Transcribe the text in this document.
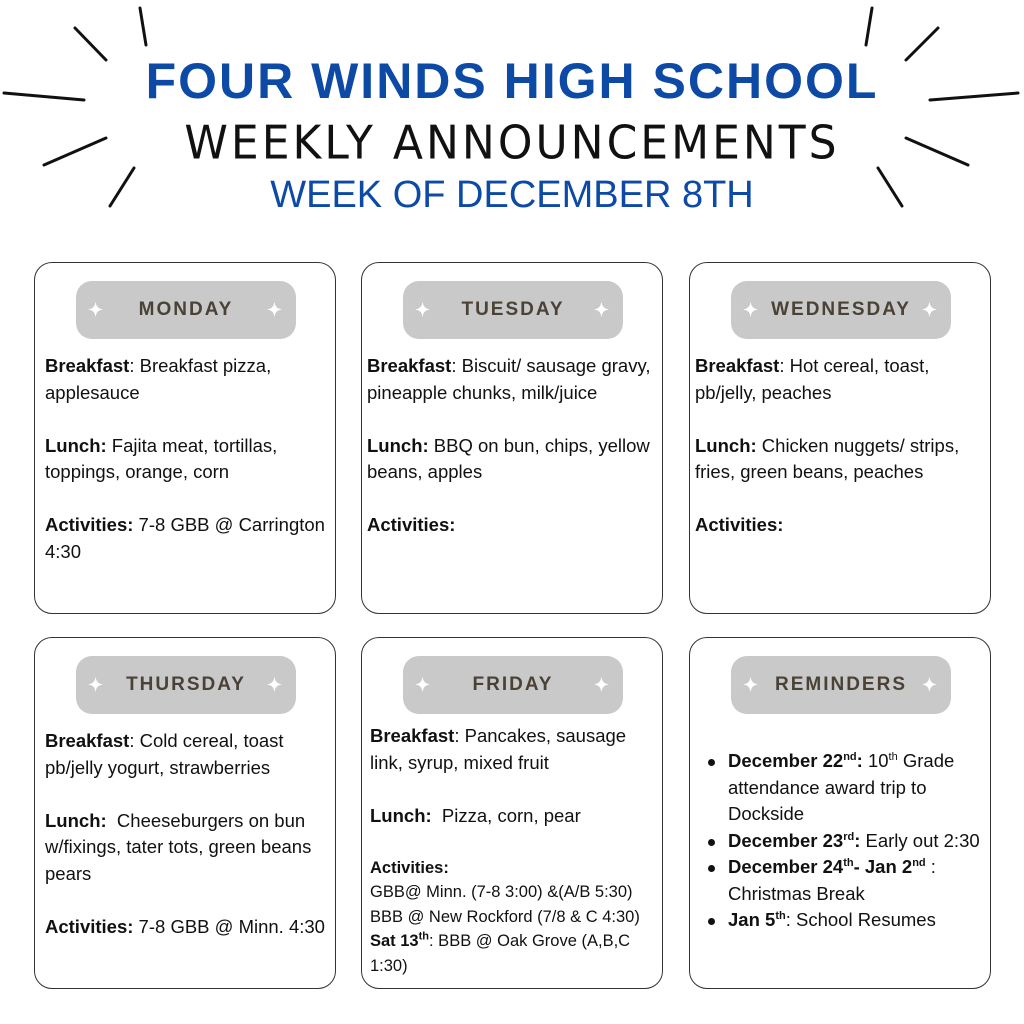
FOUR WINDS HIGH SCHOOL
WEEKLY ANNOUNCEMENTS
WEEK OF DECEMBER 8TH
✦ MONDAY ✦

Breakfast: Breakfast pizza, applesauce

Lunch: Fajita meat, tortillas, toppings, orange, corn

Activities: 7-8 GBB @ Carrington 4:30

✦ TUESDAY ✦

Breakfast: Biscuit/ sausage gravy, pineapple chunks, milk/juice

Lunch: BBQ on bun, chips, yellow beans, apples

Activities:

✦ WEDNESDAY ✦

Breakfast: Hot cereal, toast, pb/jelly, peaches

Lunch: Chicken nuggets/ strips, fries, green beans, peaches

Activities:

✦ THURSDAY ✦

Breakfast: Cold cereal, toast pb/jelly yogurt, strawberries

Lunch:  Cheeseburgers on bun w/fixings, tater tots, green beans pears

Activities: 7-8 GBB @ Minn. 4:30

✦ FRIDAY ✦

Breakfast: Pancakes, sausage link, syrup, mixed fruit

Lunch:  Pizza, corn, pear

Activities:

GBB@ Minn. (7-8 3:00) &(A/B 5:30)

BBB @ New Rockford (7/8 & C 4:30)

Sat 13th: BBB @ Oak Grove (A,B,C 1:30)

✦ REMINDERS ✦
December 22nd: 10th Grade attendance award trip to Dockside
December 23rd: Early out 2:30
December 24th- Jan 2nd : Christmas Break
Jan 5th: School Resumes
